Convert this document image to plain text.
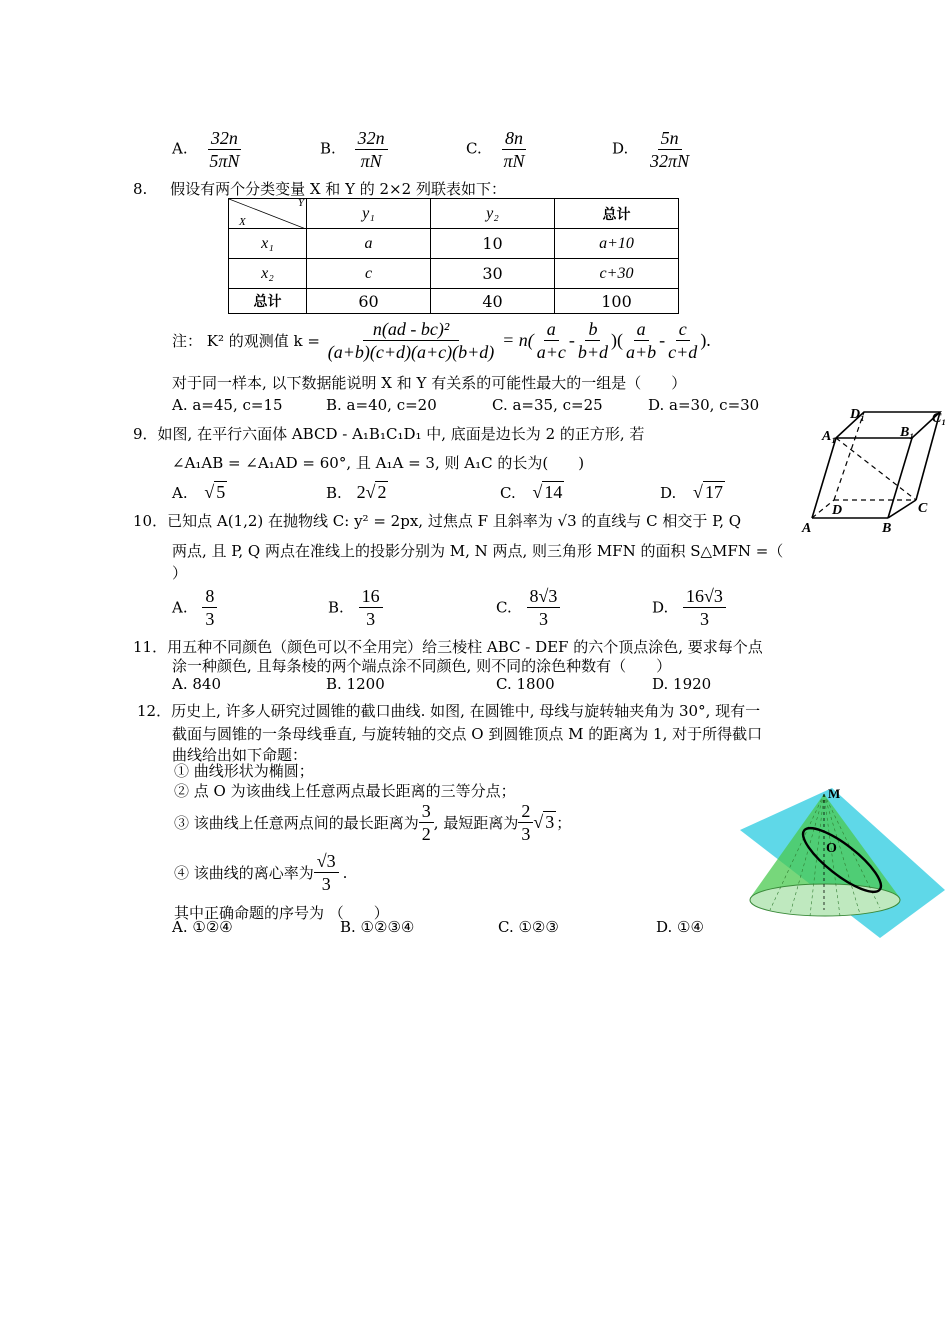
A. $\frac{32n}{5\pi N}$	B. $\frac{32n}{\pi N}$	C. $\frac{8n}{\pi N}$	D. $\frac{5n}{32\pi N}$
8. 假设有两个分类变量 X 和 Y 的 2×2 列联表如下：
Y
X	y₁	y₂	总计
x₁	a	10	a+10
x₂	c	30	c+30
总计	60	40	100
注： K² 的观测值 $k = \frac{\text{n(ad - bc)²}}{(a+b)(c+d)(a+c)(b+d)} = n( \frac{a}{a+c} - \frac{b}{b+d}$ )( $\frac{a}{a+b} - \frac{c}{c+d}$ ).
对于同一样本, 以下数据能说明 X 和 Y 有关系的可能性最大的一组是（　　）
A. a=45, c=15	B. a=40, c=20	C. a=35, c=25	D. a=30, c=30
9．如图, 在平行六面体 ABCD - A₁B₁C₁D₁ 中, 底面是边长为 2 的正方形, 若
∠A₁AB = ∠A₁AD = 60°, 且 A₁A = 3, 则 A₁C 的长为(　　)
A. √ 5	B. 2√ 2	C. √ 14	D. √ 17
D₁	C₁
A₁	B₁
D	C
A	B
10．已知点 A(1,2) 在抛物线 C: y² = 2px, 过焦点 F 且斜率为 √3 的直线与 C 相交于 P, Q
两点, 且 P, Q 两点在准线上的投影分别为 M, N 两点, 则三角形 MFN 的面积 S△MFN =（
）
A. $\frac{8}{3}$	B. $\frac{16}{3}$	C. $\frac{8√3}{3}$	D. $\frac{16√3}{3}$
11．用五种不同颜色（颜色可以不全用完）给三棱柱 ABC - DEF 的六个顶点涂色, 要求每个点
涂一种颜色, 且每条棱的两个端点涂不同颜色, 则不同的涂色种数有（　　）
A. 840	B. 1200	C. 1800	D. 1920
12．历史上, 许多人研究过圆锥的截口曲线. 如图, 在圆锥中, 母线与旋转轴夹角为 30°, 现有一
截面与圆锥的一条母线垂直, 与旋转轴的交点 O 到圆锥顶点 M 的距离为 1, 对于所得截口
曲线给出如下命题：
① 曲线形状为椭圆；
② 点 O 为该曲线上任意两点最长距离的三等分点；
③ 该曲线上任意两点间的最长距离为 $\frac{3}{2}$ , 最短距离为 $\frac{2}{3}$ √ 3 ；
④ 该曲线的离心率为 $\frac{√3}{3}$ .
其中正确命题的序号为 （　　）
A. ①②④	B. ①②③④	C. ①②③	D. ①④
M
O
